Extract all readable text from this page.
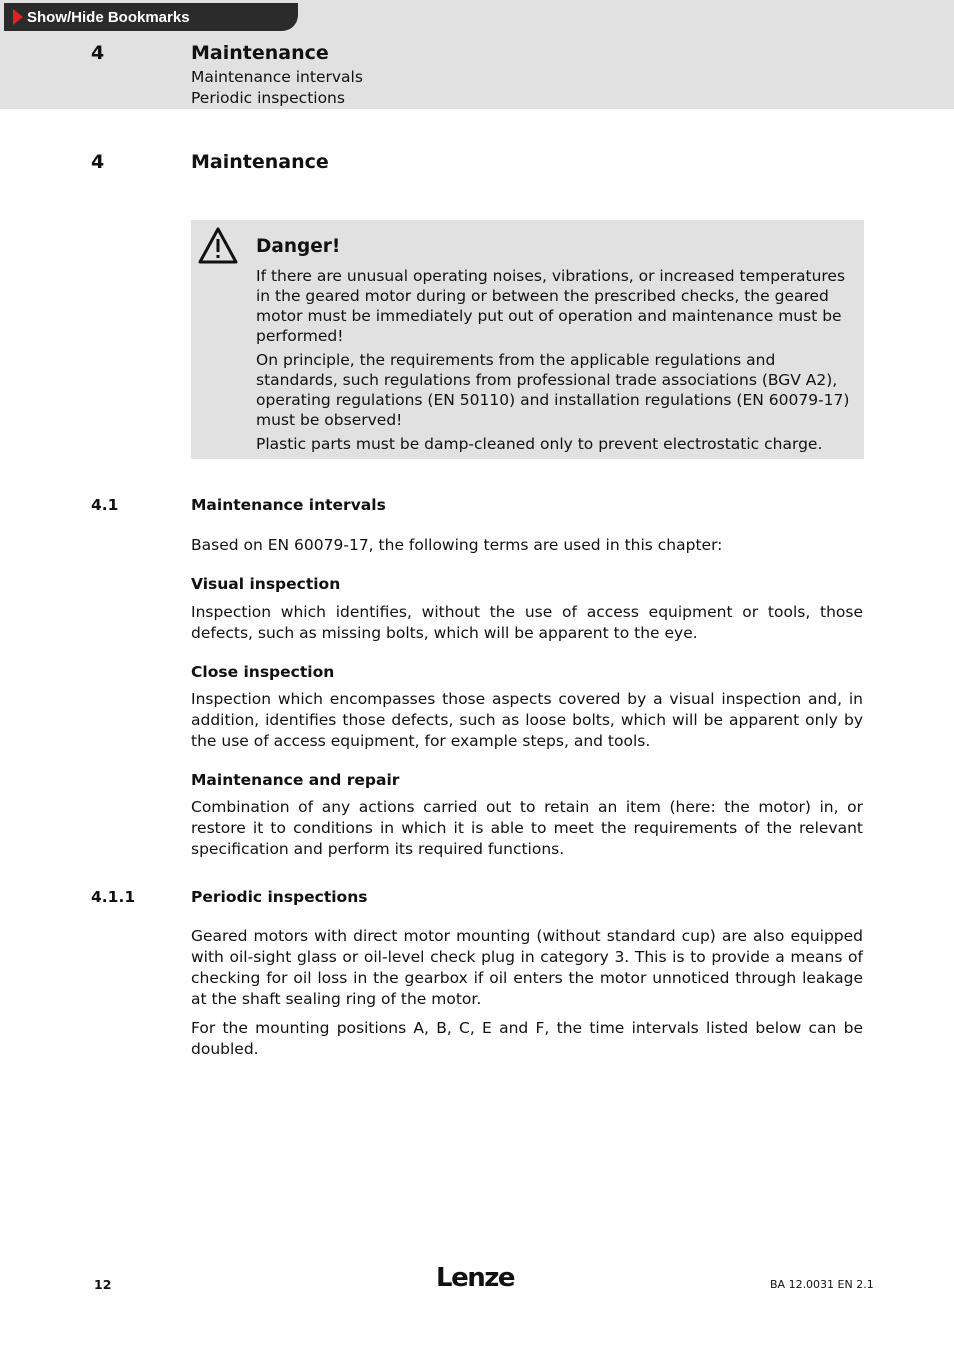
Show/Hide Bookmarks
4	Maintenance
Maintenance intervals
Periodic inspections
4	Maintenance
Danger!

If there are unusual operating noises, vibrations, or increased temperatures in the geared motor during or between the prescribed checks, the geared motor must be immediately put out of operation and maintenance must be performed!

On principle, the requirements from the applicable regulations and standards, such regulations from professional trade associations (BGV A2), operating regulations (EN 50110) and installation regulations (EN 60079-17) must be observed!

Plastic parts must be damp-cleaned only to prevent electrostatic charge.

4.1	Maintenance intervals

Based on EN 60079-17, the following terms are used in this chapter:

Visual inspection

Inspection which identifies, without the use of access equipment or tools, those defects, such as missing bolts, which will be apparent to the eye.

Close inspection

Inspection which encompasses those aspects covered by a visual inspection and, in addition, identifies those defects, such as loose bolts, which will be apparent only by the use of access equipment, for example steps, and tools.

Maintenance and repair

Combination of any actions carried out to retain an item (here: the motor) in, or restore it to conditions in which it is able to meet the requirements of the relevant specification and perform its required functions.

4.1.1	Periodic inspections

Geared motors with direct motor mounting (without standard cup) are also equipped with oil-sight glass or oil-level check plug in category 3. This is to provide a means of checking for oil loss in the gearbox if oil enters the motor unnoticed through leakage at the shaft sealing ring of the motor.

For the mounting positions A, B, C, E and F, the time intervals listed below can be doubled.

12	Lenze	BA 12.0031 EN 2.1
